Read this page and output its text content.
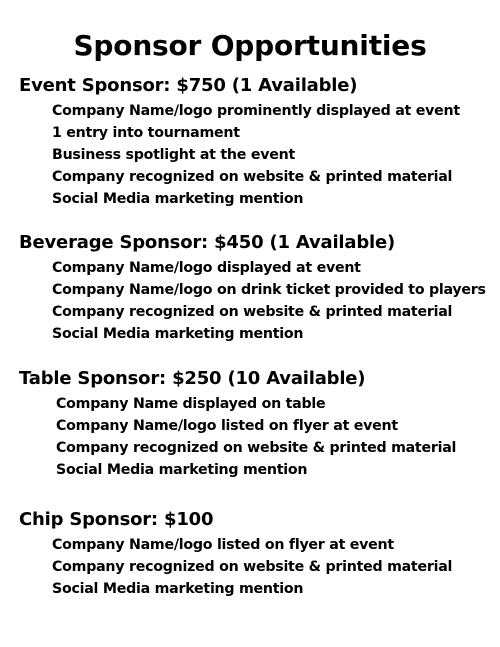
Sponsor Opportunities
Event Sponsor: $750 (1 Available)
Company Name/logo prominently displayed at event
1 entry into tournament
Business spotlight at the event
Company recognized on website & printed material
Social Media marketing mention
Beverage Sponsor: $450 (1 Available)
Company Name/logo displayed at event
Company Name/logo on drink ticket provided to players
Company recognized on website & printed material
Social Media marketing mention
Table Sponsor: $250 (10 Available)
Company Name displayed on table
Company Name/logo listed on flyer at event
Company recognized on website & printed material
Social Media marketing mention
Chip Sponsor: $100
Company Name/logo listed on flyer at event
Company recognized on website & printed material
Social Media marketing mention
